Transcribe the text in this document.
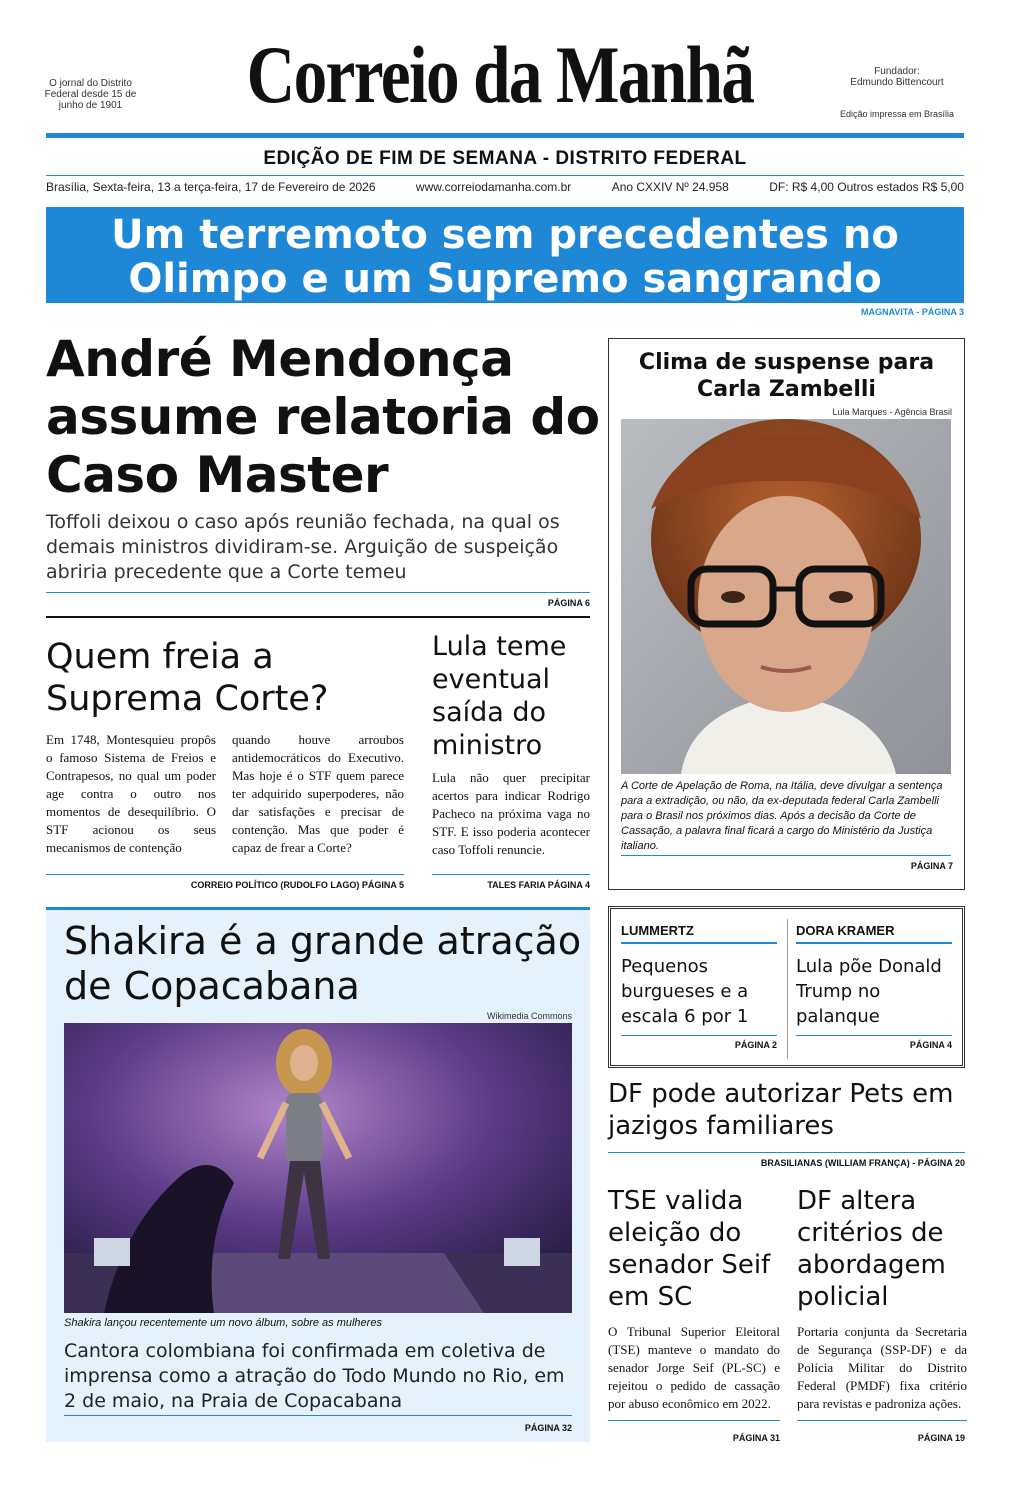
O jornal do Distrito Federal desde 15 de junho de 1901	Correio da Manhã	Fundador:
Edmundo Bittencourt
Edição impressa em Brasília
EDIÇÃO DE FIM DE SEMANA - DISTRITO FEDERAL
Brasília, Sexta-feira, 13 a terça-feira, 17 de Fevereiro de 2026	www.correiodamanha.com.br	Ano CXXIV Nº 24.958	DF: R$ 4,00 Outros estados R$ 5,00
Um terremoto sem precedentes no Olimpo e um Supremo sangrando
MAGNAVITA - PÁGINA 3
André Mendonça assume relatoria do Caso Master
Toffoli deixou o caso após reunião fechada, na qual os demais ministros dividiram-se. Arguição de suspeição abriria precedente que a Corte temeu
PÁGINA 6
Quem freia a Suprema Corte?
Em 1748, Montesquieu propôs o famoso Sistema de Freios e Contrapesos, no qual um poder age contra o outro nos momentos de desequilíbrio. O STF acionou os seus mecanismos de contenção
quando houve arroubos antidemocráticos do Executivo. Mas hoje é o STF quem parece ter adquirido superpoderes, não dar satisfações e precisar de contenção. Mas que poder é capaz de frear a Corte?
CORREIO POLÍTICO (RUDOLFO LAGO) PÁGINA 5
Lula teme eventual saída do ministro
Lula não quer precipitar acertos para indicar Rodrigo Pacheco na próxima vaga no STF. E isso poderia acontecer caso Toffoli renuncie.
TALES FARIA PÁGINA 4
Clima de suspense para Carla Zambelli
Lula Marques - Agência Brasil
A Corte de Apelação de Roma, na Itália, deve divulgar a sentença para a extradição, ou não, da ex-deputada federal Carla Zambelli para o Brasil nos próximos dias. Após a decisão da Corte de Cassação, a palavra final ficará a cargo do Ministério da Justiça italiano.
PÁGINA 7
LUMMERTZ
Pequenos burgueses e a escala 6 por 1
PÁGINA 2
DORA KRAMER
Lula põe Donald Trump no palanque
PÁGINA 4
DF pode autorizar Pets em jazigos familiares
BRASILIANAS (WILLIAM FRANÇA) - PÁGINA 20
TSE valida eleição do senador Seif em SC
O Tribunal Superior Eleitoral (TSE) manteve o mandato do senador Jorge Seif (PL-SC) e rejeitou o pedido de cassação por abuso econômico em 2022.
PÁGINA 31
DF altera critérios de abordagem policial
Portaria conjunta da Secretaria de Segurança (SSP-DF) e da Polícia Militar do Distrito Federal (PMDF) fixa critério para revistas e padroniza ações.
PÁGINA 19
Shakira é a grande atração de Copacabana
Wikimedia Commons
Shakira lançou recentemente um novo álbum, sobre as mulheres
Cantora colombiana foi confirmada em coletiva de imprensa como a atração do Todo Mundo no Rio, em 2 de maio, na Praia de Copacabana
PÁGINA 32
